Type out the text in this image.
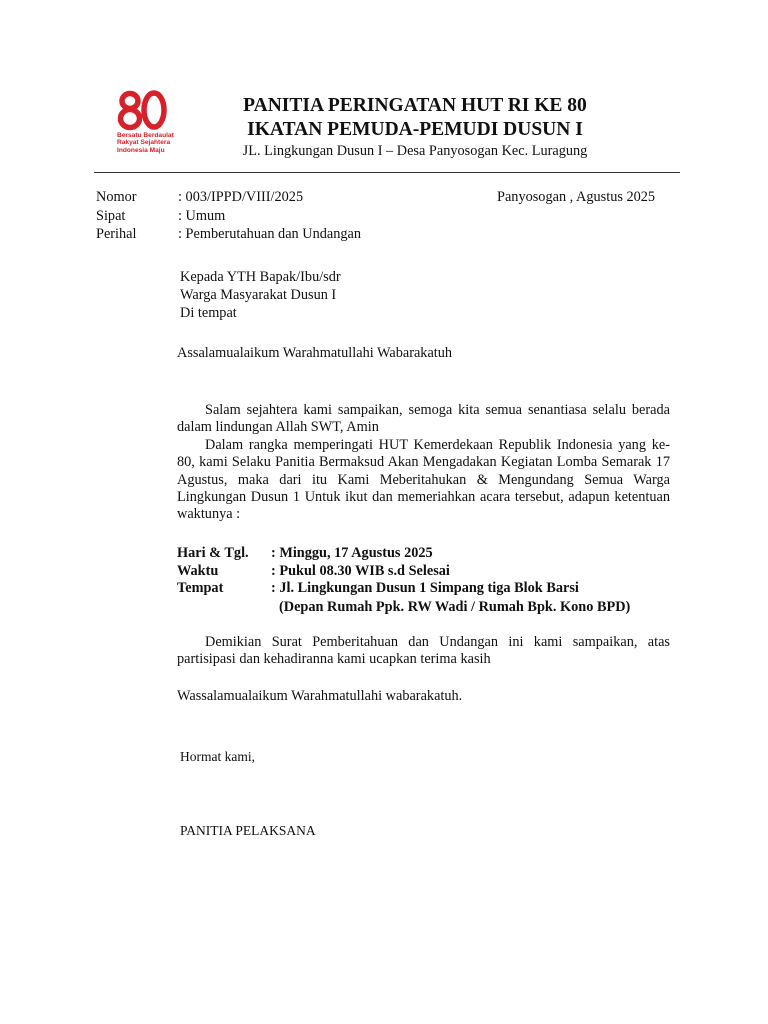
Bersatu Berdaulat
Rakyat Sejahtera
Indonesia Maju
PANITIA PERINGATAN HUT RI KE 80
IKATAN PEMUDA-PEMUDI DUSUN I
JL. Lingkungan Dusun I – Desa Panyosogan Kec. Luragung
Nomor	: 003/IPPD/VIII/2025	Panyosogan , Agustus 2025
Sipat	: Umum
Perihal	: Pemberutahuan dan Undangan
Kepada YTH Bapak/Ibu/sdr
Warga Masyarakat Dusun I
Di tempat
Assalamualaikum Warahmatullahi Wabarakatuh

Salam sejahtera kami sampaikan, semoga kita semua senantiasa selalu berada dalam lindungan Allah SWT, Amin

Dalam rangka memperingati HUT Kemerdekaan Republik Indonesia yang ke-80, kami Selaku Panitia Bermaksud Akan Mengadakan Kegiatan Lomba Semarak 17 Agustus, maka dari itu Kami Meberitahukan & Mengundang Semua Warga Lingkungan Dusun 1 Untuk ikut dan memeriahkan acara tersebut, adapun ketentuan waktunya :

Hari & Tgl. : Minggu, 17 Agustus 2025
Waktu	: Pukul 08.30 WIB s.d Selesai
Tempat	: Jl. Lingkungan Dusun 1 Simpang tiga Blok Barsi
(Depan Rumah Ppk. RW Wadi / Rumah Bpk. Kono BPD)

Demikian Surat Pemberitahuan dan Undangan ini kami sampaikan, atas partisipasi dan kehadiranna kami ucapkan terima kasih

Wassalamualaikum Warahmatullahi wabarakatuh.
Hormat kami,
PANITIA PELAKSANA
